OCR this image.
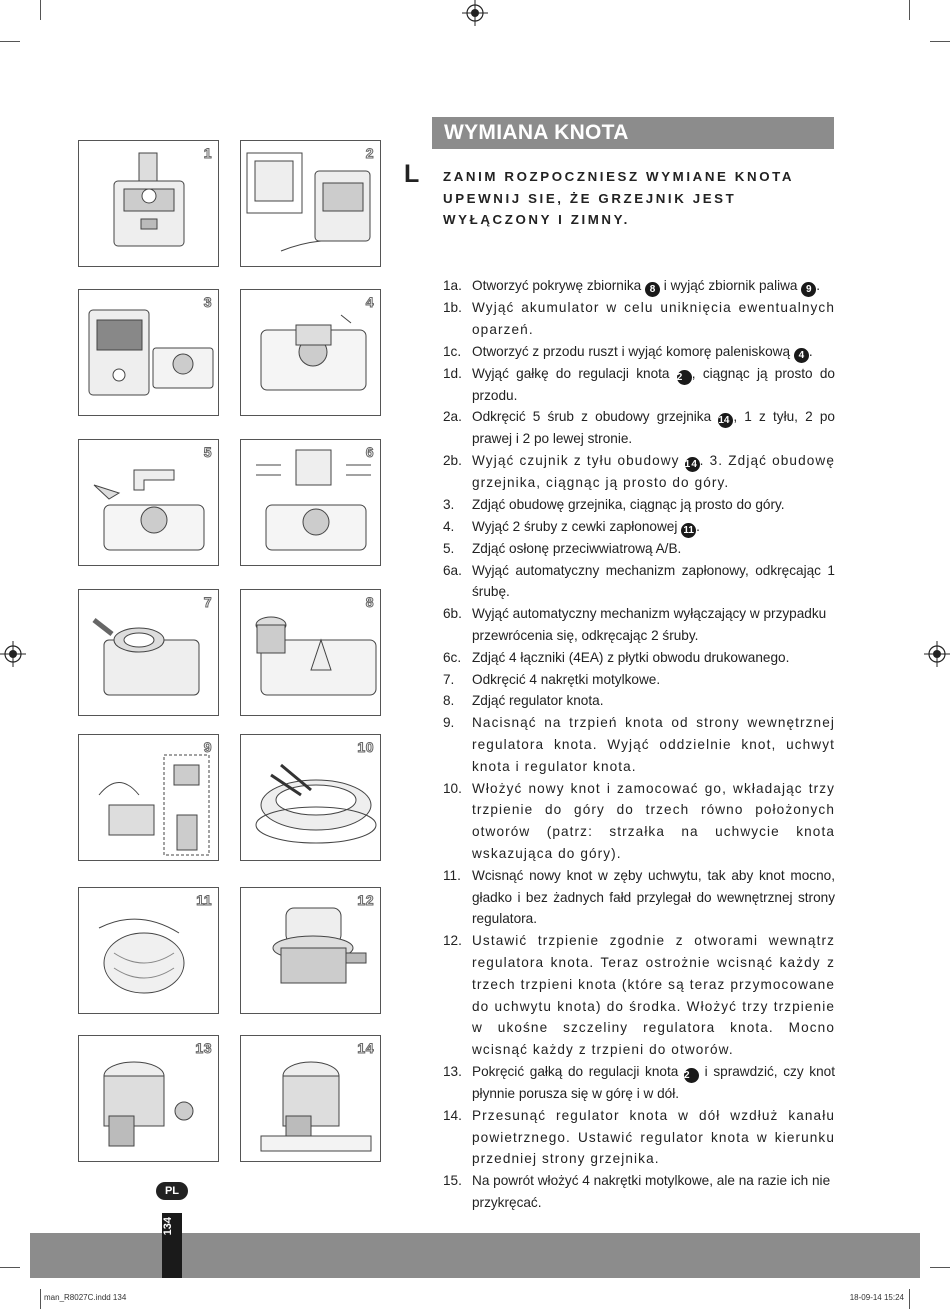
WYMIANA KNOTA
L ZANIM ROZPOCZNIESZ WYMIANE KNOTA
UPEWNIJ SIE, ŻE GRZEJNIK JEST
WYŁĄCZONY I ZIMNY.
1a. Otworzyć pokrywę zbiornika 8 i wyjąć zbiornik paliwa 9 .
1b. Wyjąć akumulator w celu uniknięcia ewentualnych oparzeń.
1c. Otworzyć z przodu ruszt i wyjąć komorę paleniskową 4 .
1d. Wyjąć gałkę do regulacji knota 2 , ciągnąc ją prosto do przodu.
2a. Odkręcić 5 śrub z obudowy grzejnika 14 , 1 z tyłu, 2 po prawej i 2 po lewej stronie.
2b. Wyjąć czujnik z tyłu obudowy 14 . 3. Zdjąć obudowę grzejnika, ciągnąc ją prosto do góry.
3.	Zdjąć obudowę grzejnika, ciągnąc ją prosto do góry.
4.	Wyjąć 2 śruby z cewki zapłonowej 11 .
5.	Zdjąć osłonę przeciwwiatrową A/B.
6a. Wyjąć automatyczny mechanizm zapłonowy, odkręcając 1 śrubę.
6b. Wyjąć automatyczny mechanizm wyłączający w przypadku przewrócenia się, odkręcając 2 śruby.
6c. Zdjąć 4 łączniki (4EA) z płytki obwodu drukowanego.
7.	Odkręcić 4 nakrętki motylkowe.
8.	Zdjąć regulator knota.
9.	Nacisnąć na trzpień knota od strony wewnętrznej regulatora knota. Wyjąć oddzielnie knot, uchwyt knota i regulator knota.
10. Włożyć nowy knot i zamocować go, wkładając trzy trzpienie do góry do trzech równo położonych otworów (patrz: strzałka na uchwycie knota wskazująca do góry).
11. Wcisnąć nowy knot w zęby uchwytu, tak aby knot mocno, gładko i bez żadnych fałd przylegał do wewnętrznej strony regulatora.
12. Ustawić trzpienie zgodnie z otworami wewnątrz regulatora knota. Teraz ostrożnie wcisnąć każdy z trzech trzpieni knota (które są teraz przymocowane do uchwytu knota) do środka. Włożyć trzy trzpienie w ukośne szczeliny regulatora knota. Mocno wcisnąć każdy z trzpieni do otworów.
13. Pokręcić gałką do regulacji knota 2 i sprawdzić, czy knot płynnie porusza się w górę i w dół.
14. Przesunąć regulator knota w dół wzdłuż kanału powietrznego. Ustawić regulator knota w kierunku przedniej strony grzejnika.
15. Na powrót włożyć 4 nakrętki motylkowe, ale na razie ich nie przykręcać.
1	2
3	4
5	6
7	8
9	10
11	12
13	14
PL
134
man_R8027C.indd 134	18-09-14 15:24
